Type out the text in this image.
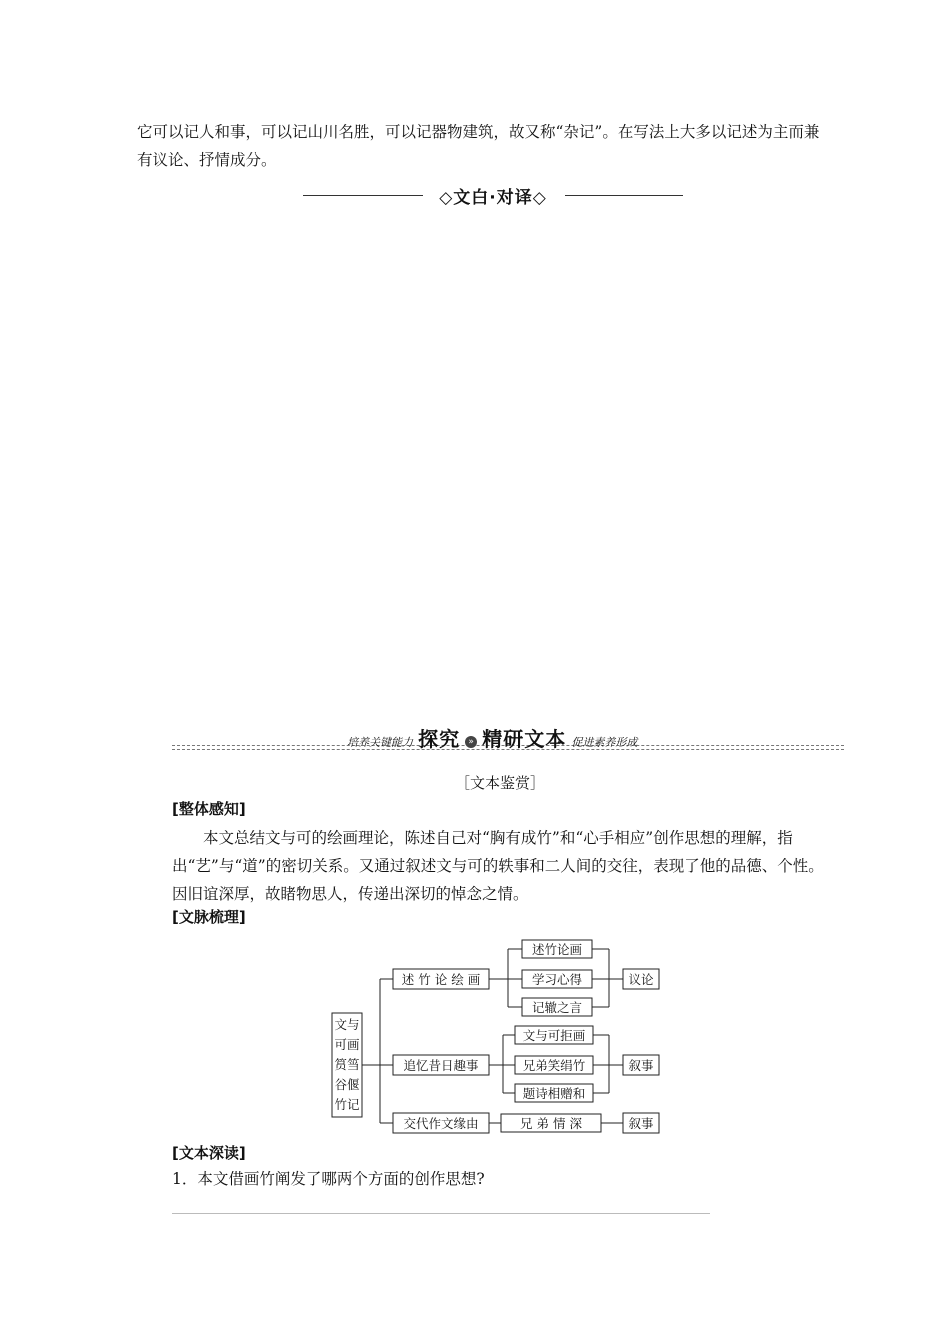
它可以记人和事，可以记山川名胜，可以记器物建筑，故又称“杂记”。在写法上大多以记述为主而兼有议论、抒情成分。

◇文白·对译◇
培养关键能力 探究 » 精研文本 促进素养形成
［文本鉴赏］
[整体感知]

本文总结文与可的绘画理论，陈述自己对“胸有成竹”和“心手相应”创作思想的理解，指出“艺”与“道”的密切关系。又通过叙述文与可的轶事和二人间的交往，表现了他的品德、个性。因旧谊深厚，故睹物思人，传递出深切的悼念之情。

[文脉梳理]
文与
可画
筼筜
谷偃
竹记
述 竹 论 绘 画
追忆昔日趣事
交代作文缘由
述竹论画
学习心得
记辙之言
议论
文与可拒画
兄弟笑绢竹
题诗相赠和
叙事
兄 弟 情 深	叙事
[文本深读]
1．本文借画竹阐发了哪两个方面的创作思想?
